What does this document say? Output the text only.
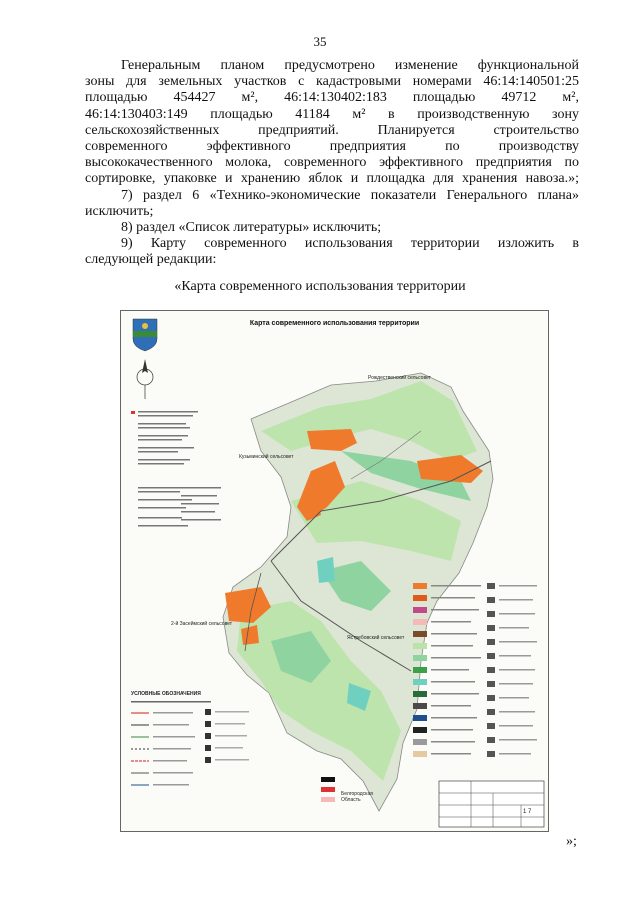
35

Генеральным планом предусмотрено изменение функциональной

зоны для земельных участков с кадастровыми номерами 46:14:140501:25

площадью 454427 м², 46:14:130402:183 площадью 49712 м²,

46:14:130403:149 площадью 41184 м² в производственную зону

сельскохозяйственных предприятий. Планируется строительство

современного эффективного предприятия по производству

высококачественного молока, современного эффективного предприятия по

сортировке, упаковке и хранению яблок и площадка для хранения навоза.»;

7) раздел 6 «Технико-экономические показатели Генерального плана»

исключить;

8) раздел «Список литературы» исключить;

9) Карту современного использования территории изложить в

следующей редакции:

«Карта современного использования территории
Карта современного использования территории
Рождественский сельсовет
Кузьминский сельсовет
2-й Засеймский сельсовет
Ястребовский сельсовет
Белгородская Область
УСЛОВНЫЕ ОБОЗНАЧЕНИЯ
1 7
»;
